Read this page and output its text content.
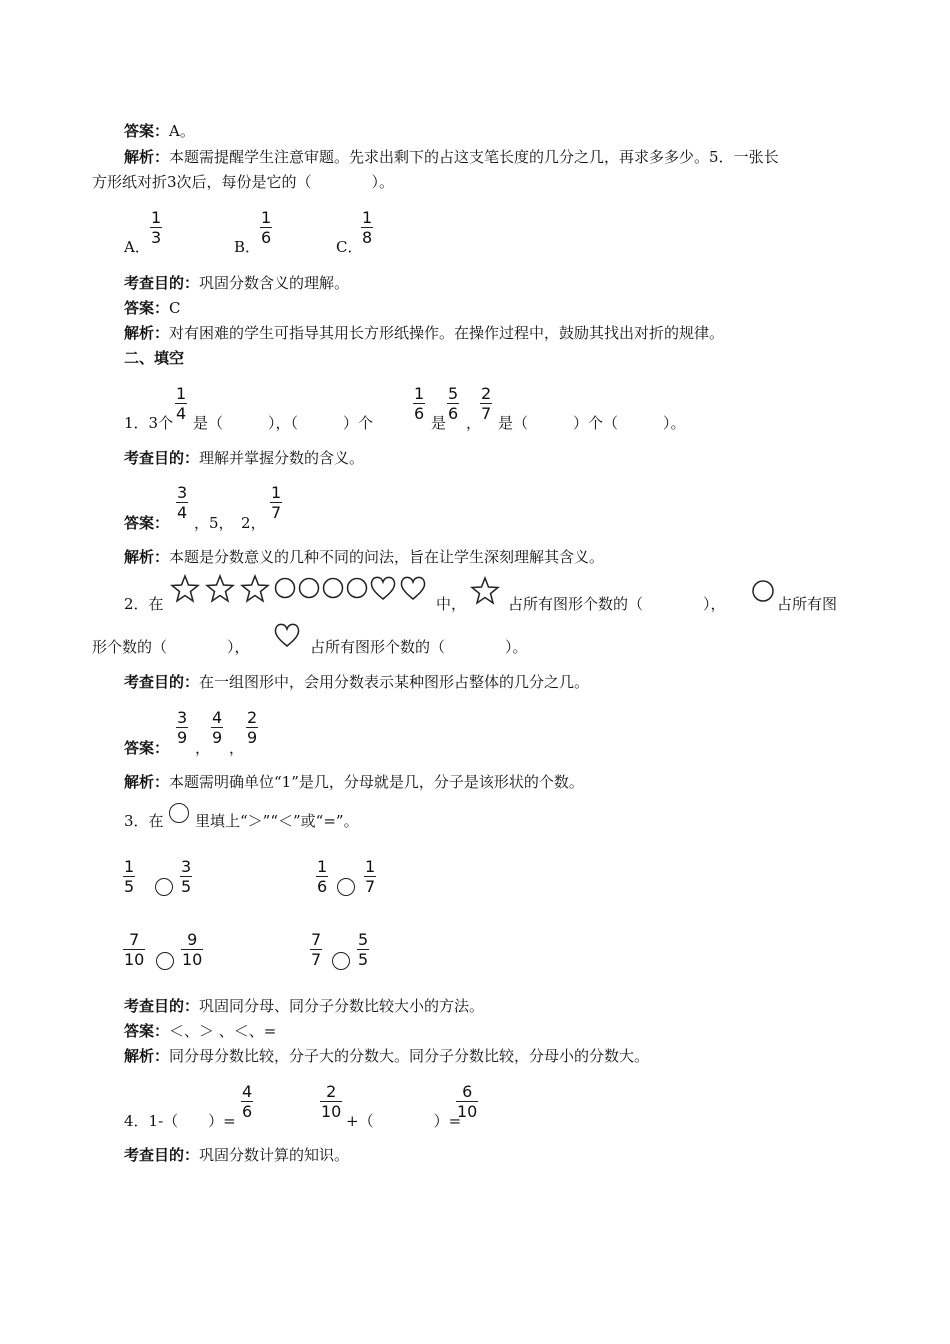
答案：A。
解析：本题需提醒学生注意审题。先求出剩下的占这支笔长度的几分之几，再求多多少。5．一张长
方形纸对折3次后，每份是它的（　　　　）。
A． $\frac{1}{3}$	B． $\frac{1}{6}$	C．
$\frac{1}{8}$
考查目的：巩固分数含义的理解。
答案：C
解析：对有困难的学生可指导其用长方形纸操作。在操作过程中，鼓励其找出对折的规律。
二、填空
1．3个 $\frac{1}{4}$ 是（　　　），（　　　）个 $\frac{1}{6}$ 是 $\frac{5}{6}$ ，
$\frac{2}{7}$ 是（　　　）个（　　　）。
考查目的：理解并掌握分数的含义。
答案：
$\frac{3}{4}$
，5，　2，
$\frac{1}{7}$
解析：本题是分数意义的几种不同的问法，旨在让学生深刻理解其含义。
2．在	中，	占所有图形个数的（　　　　），	占所有图
形个数的（　　　　），	占所有图形个数的（　　　　）。
考查目的：在一组图形中，会用分数表示某种图形占整体的几分之几。
答案：
$\frac{3}{9}$
，
$\frac{4}{9}$
，
$\frac{2}{9}$
解析：本题需明确单位“1”是几，分母就是几，分子是该形状的个数。
3．在 里填上“＞”“＜”或“=”。
$\frac{1}{5}$	$\frac{3}{5}$	$\frac{1}{6} \frac{1}{7}$
$\frac{7}{10} \frac{9}{10}$	$\frac{7}{7} \frac{5}{5}$
考查目的：巩固同分母、同分子分数比较大小的方法。
答案：＜、＞ 、＜、=
解析：同分母分数比较，分子大的分数大。同分子分数比较，分母小的分数大。
4．1-（　　）= $\frac{4}{6}$	$\frac{2}{10}$ +（　　　　）=
$\frac{6}{10}$
考查目的：巩固分数计算的知识。
